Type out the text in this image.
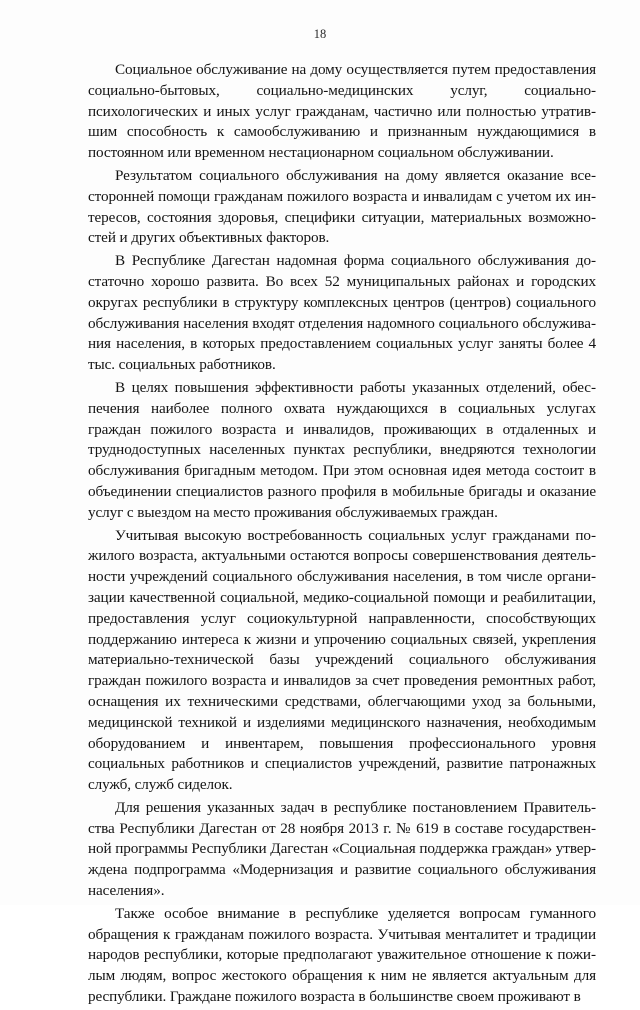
18

Социальное обслуживание на дому осуществляется путем предоставления социально-бытовых, социально-медицинских услуг, социально-психологических и иных услуг гражданам, частично или полностью утратившим способность к самообслуживанию и признанным нуждающимися в постоянном или временном нестационарном социальном обслуживании.

Результатом социального обслуживания на дому является оказание всесторонней помощи гражданам пожилого возраста и инвалидам с учетом их интересов, состояния здоровья, специфики ситуации, материальных возможностей и других объективных факторов.

В Республике Дагестан надомная форма социального обслуживания достаточно хорошо развита. Во всех 52 муниципальных районах и городских округах республики в структуру комплексных центров (центров) социального обслуживания населения входят отделения надомного социального обслуживания населения, в которых предоставлением социальных услуг заняты более 4 тыс. социальных работников.

В целях повышения эффективности работы указанных отделений, обеспечения наиболее полного охвата нуждающихся в социальных услугах граждан пожилого возраста и инвалидов, проживающих в отдаленных и труднодоступных населенных пунктах республики, внедряются технологии обслуживания бригадным методом. При этом основная идея метода состоит в объединении специалистов разного профиля в мобильные бригады и оказание услуг с выездом на место проживания обслуживаемых граждан.

Учитывая высокую востребованность социальных услуг гражданами пожилого возраста, актуальными остаются вопросы совершенствования деятельности учреждений социального обслуживания населения, в том числе организации качественной социальной, медико-социальной помощи и реабилитации, предоставления услуг социокультурной направленности, способствующих поддержанию интереса к жизни и упрочению социальных связей, укрепления материально-технической базы учреждений социального обслуживания граждан пожилого возраста и инвалидов за счет проведения ремонтных работ, оснащения их техническими средствами, облегчающими уход за больными, медицинской техникой и изделиями медицинского назначения, необходимым оборудованием и инвентарем, повышения профессионального уровня социальных работников и специалистов учреждений, развитие патронажных служб, служб сиделок.

Для решения указанных задач в республике постановлением Правительства Республики Дагестан от 28 ноября 2013 г. № 619 в составе государственной программы Республики Дагестан «Социальная поддержка граждан» утверждена подпрограмма «Модернизация и развитие социального обслуживания населения».

Также особое внимание в республике уделяется вопросам гуманного обращения к гражданам пожилого возраста. Учитывая менталитет и традиции народов республики, которые предполагают уважительное отношение к пожилым людям, вопрос жестокого обращения к ним не является актуальным для республики. Граждане пожилого возраста в большинстве своем проживают в
